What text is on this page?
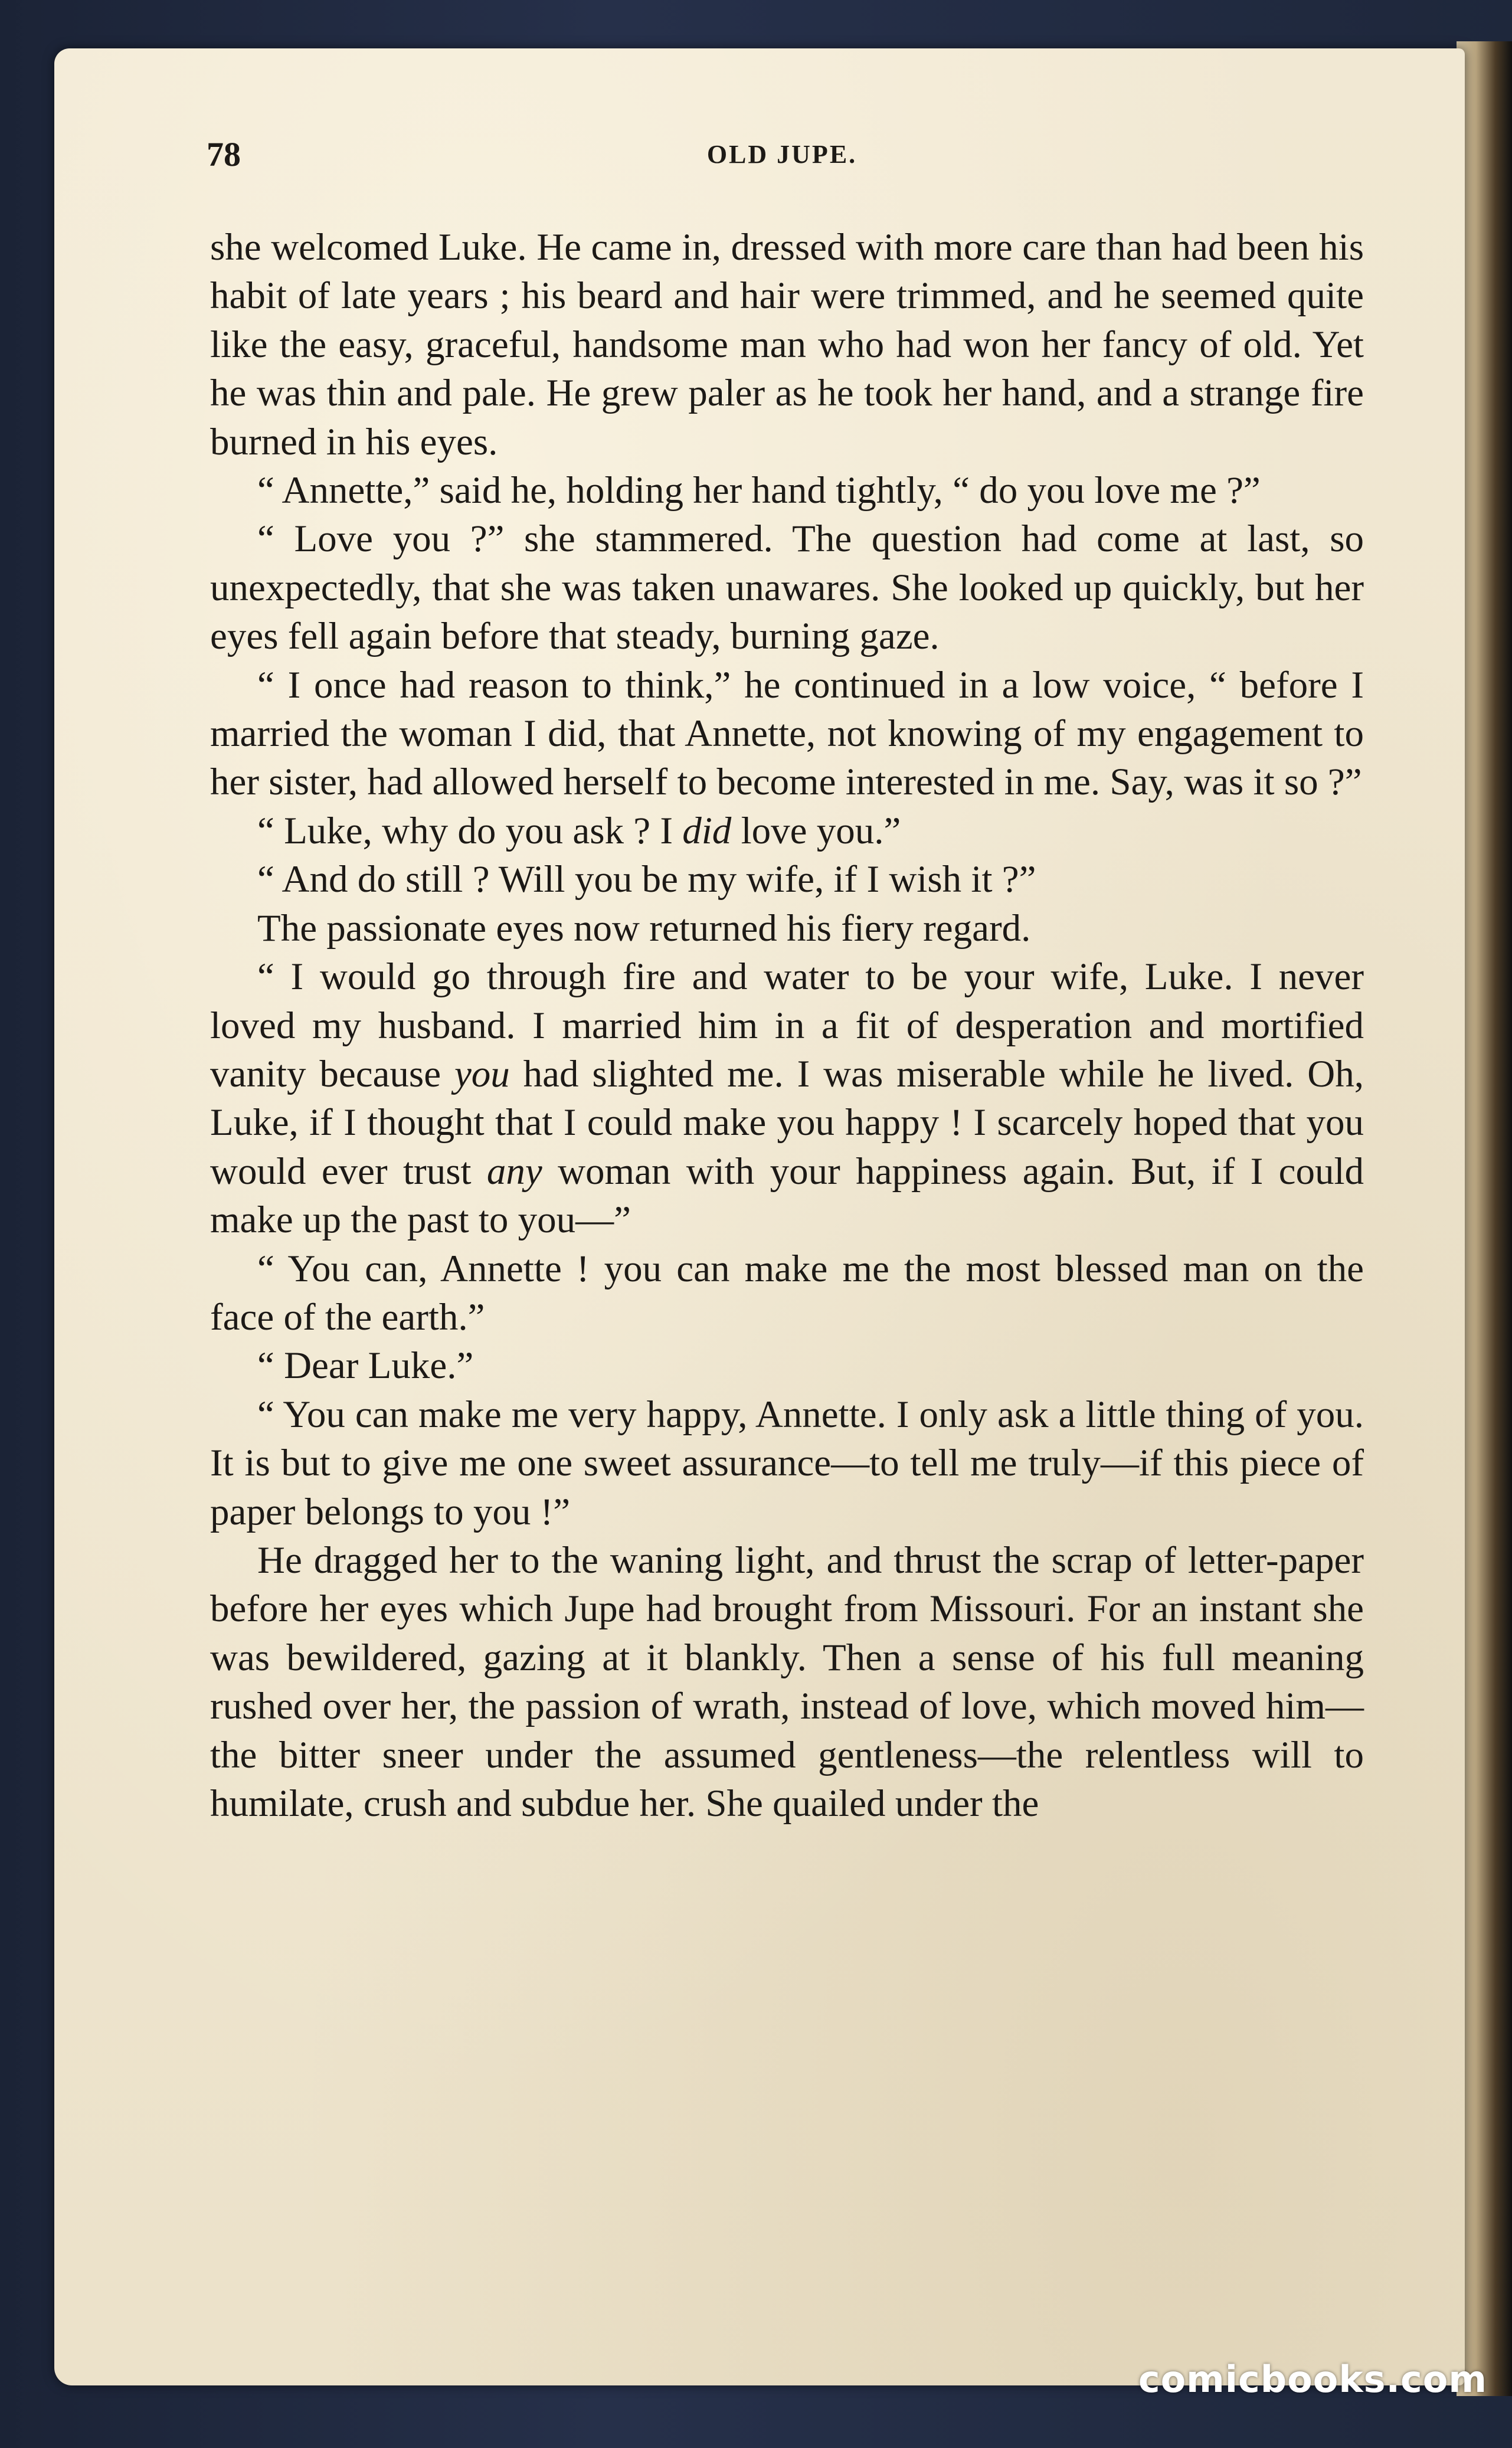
78	OLD JUPE.

she welcomed Luke. He came in, dressed with more care than had been his habit of late years ; his beard and hair were trimmed, and he seemed quite like the easy, graceful, handsome man who had won her fancy of old. Yet he was thin and pale. He grew paler as he took her hand, and a strange fire burned in his eyes.

“ Annette,” said he, holding her hand tightly, “ do you love me ?”

“ Love you ?” she stammered. The question had come at last, so unexpectedly, that she was taken unawares. She looked up quickly, but her eyes fell again before that steady, burning gaze.

“ I once had reason to think,” he continued in a low voice, “ before I married the woman I did, that Annette, not knowing of my engagement to her sister, had allowed herself to become interested in me. Say, was it so ?”

“ Luke, why do you ask ? I did love you.”

“ And do still ? Will you be my wife, if I wish it ?”

The passionate eyes now returned his fiery regard.

“ I would go through fire and water to be your wife, Luke. I never loved my husband. I married him in a fit of desperation and mortified vanity because you had slighted me. I was miserable while he lived. Oh, Luke, if I thought that I could make you happy ! I scarcely hoped that you would ever trust any woman with your happiness again. But, if I could make up the past to you—”

“ You can, Annette ! you can make me the most blessed man on the face of the earth.”

“ Dear Luke.”

“ You can make me very happy, Annette. I only ask a little thing of you. It is but to give me one sweet assurance—to tell me truly—if this piece of paper belongs to you !”

He dragged her to the waning light, and thrust the scrap of letter-paper before her eyes which Jupe had brought from Missouri. For an instant she was bewildered, gazing at it blankly. Then a sense of his full meaning rushed over her, the passion of wrath, instead of love, which moved him—the bitter sneer under the assumed gentleness—the relentless will to humilate, crush and subdue her. She quailed under the

comicbooks.com
